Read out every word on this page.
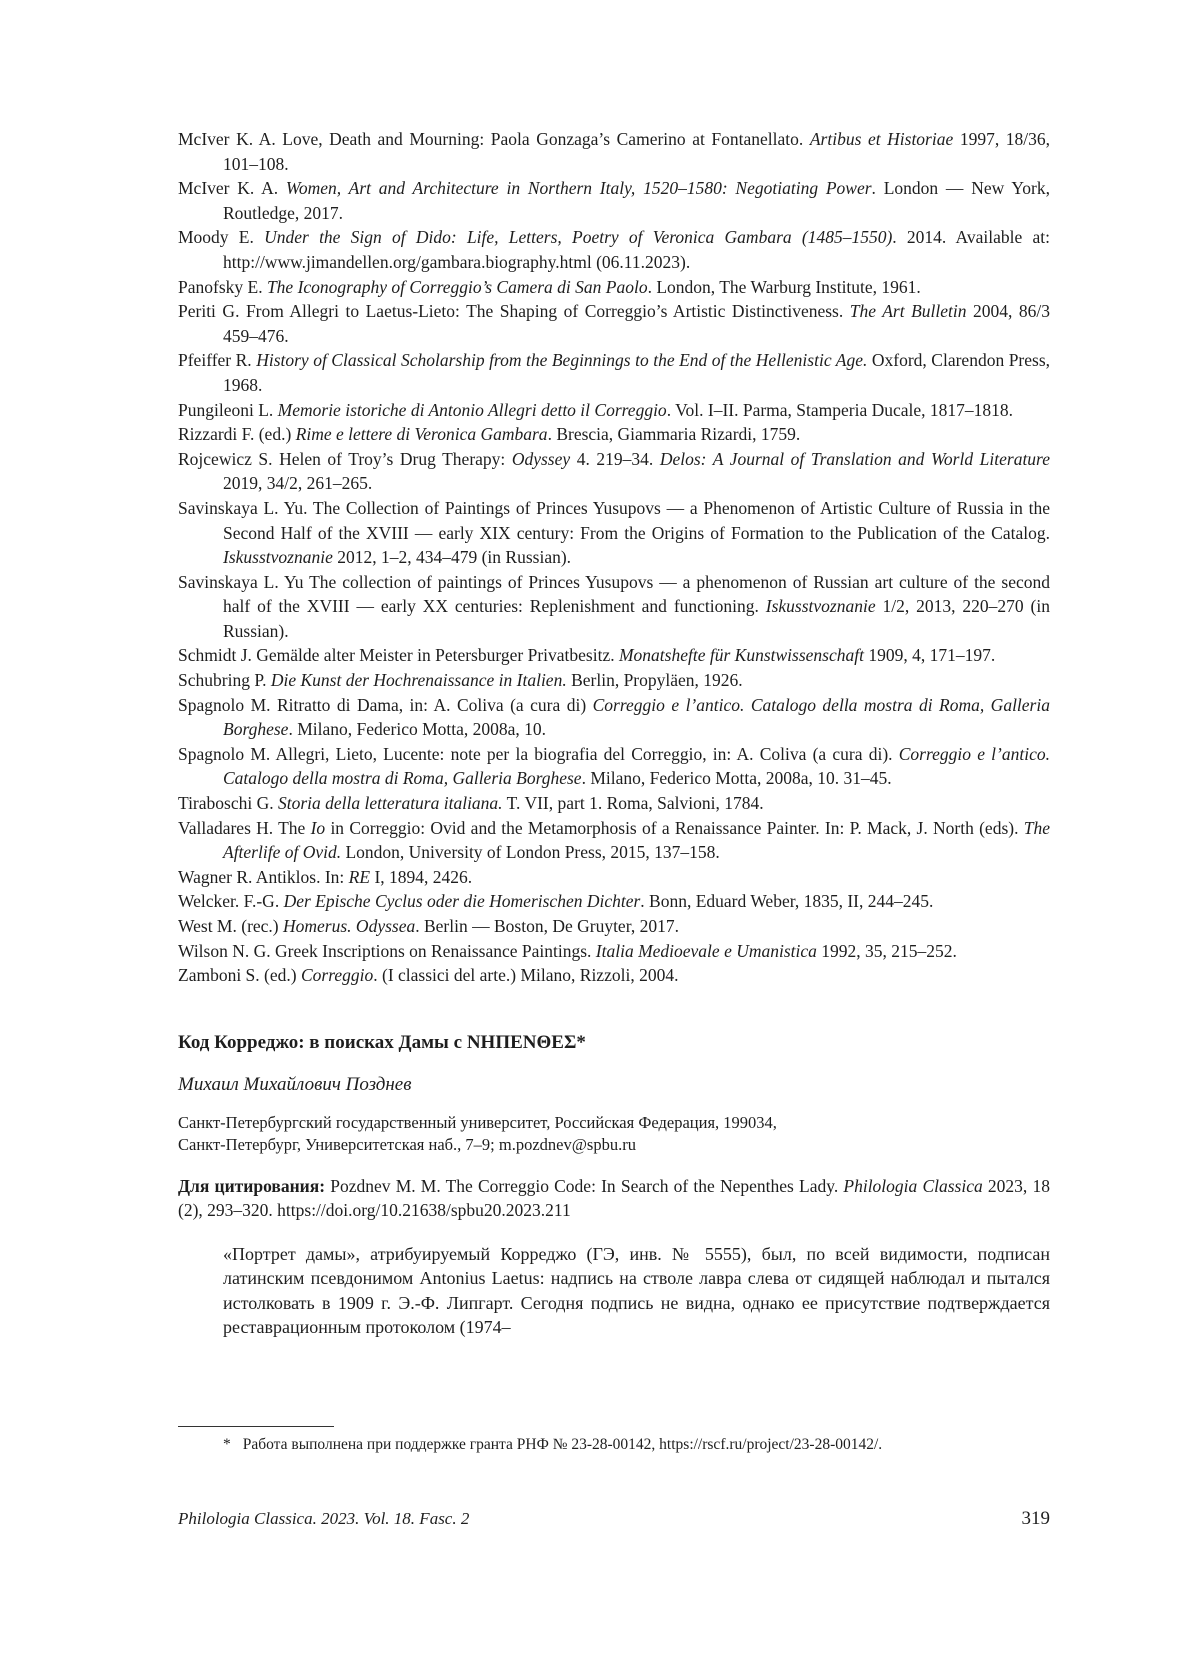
McIver K. A. Love, Death and Mourning: Paola Gonzaga’s Camerino at Fontanellato. Artibus et Historiae 1997, 18/36, 101–108.

McIver K. A. Women, Art and Architecture in Northern Italy, 1520–1580: Negotiating Power. London — New York, Routledge, 2017.

Moody E. Under the Sign of Dido: Life, Letters, Poetry of Veronica Gambara (1485–1550). 2014. Available at: http://www.jimandellen.org/gambara.biography.html (06.11.2023).

Panofsky E. The Iconography of Correggio’s Camera di San Paolo. London, The Warburg Institute, 1961.

Periti G. From Allegri to Laetus-Lieto: The Shaping of Correggio’s Artistic Distinctiveness. The Art Bulletin 2004, 86/3 459–476.

Pfeiffer R. History of Classical Scholarship from the Beginnings to the End of the Hellenistic Age. Oxford, Clarendon Press, 1968.

Pungileoni L. Memorie istoriche di Antonio Allegri detto il Correggio. Vol. I–II. Parma, Stamperia Ducale, 1817–1818.

Rizzardi F. (ed.) Rime e lettere di Veronica Gambara. Brescia, Giammaria Rizardi, 1759.

Rojcewicz S. Helen of Troy’s Drug Therapy: Odyssey 4. 219–34. Delos: A Journal of Translation and World Literature 2019, 34/2, 261–265.

Savinskaya L. Yu. The Collection of Paintings of Princes Yusupovs — a Phenomenon of Artistic Culture of Russia in the Second Half of the XVIII — early XIX century: From the Origins of Formation to the Publication of the Catalog. Iskusstvoznanie 2012, 1–2, 434–479 (in Russian).

Savinskaya L. Yu The collection of paintings of Princes Yusupovs — a phenomenon of Russian art culture of the second half of the XVIII — early XX centuries: Replenishment and functioning. Iskusstvoznanie 1/2, 2013, 220–270 (in Russian).

Schmidt J. Gemälde alter Meister in Petersburger Privatbesitz. Monatshefte für Kunstwissenschaft 1909, 4, 171–197.

Schubring P. Die Kunst der Hochrenaissance in Italien. Berlin, Propyläen, 1926.

Spagnolo M. Ritratto di Dama, in: A. Coliva (a cura di) Correggio e l’antico. Catalogo della mostra di Roma, Galleria Borghese. Milano, Federico Motta, 2008a, 10.

Spagnolo M. Allegri, Lieto, Lucente: note per la biografia del Correggio, in: A. Coliva (a cura di). Correggio e l’antico. Catalogo della mostra di Roma, Galleria Borghese. Milano, Federico Motta, 2008a, 10. 31–45.

Tiraboschi G. Storia della letteratura italiana. T. VII, part 1. Roma, Salvioni, 1784.

Valladares H. The Io in Correggio: Ovid and the Metamorphosis of a Renaissance Painter. In: P. Mack, J. North (eds). The Afterlife of Ovid. London, University of London Press, 2015, 137–158.

Wagner R. Antiklos. In: RE I, 1894, 2426.

Welcker. F.-G. Der Epische Cyclus oder die Homerischen Dichter. Bonn, Eduard Weber, 1835, II, 244–245.

West M. (rec.) Homerus. Odyssea. Berlin — Boston, De Gruyter, 2017.

Wilson N. G. Greek Inscriptions on Renaissance Paintings. Italia Medioevale e Umanistica 1992, 35, 215–252.

Zamboni S. (ed.) Correggio. (I classici del arte.) Milano, Rizzoli, 2004.

Код Корреджо: в поисках Дамы с ΝΗΠΕΝΘΕΣ*
Михаил Михайлович Позднев
Санкт-Петербургский государственный университет, Российская Федерация, 199034,
Санкт-Петербург, Университетская наб., 7–9; m.pozdnev@spbu.ru
Для цитирования: Pozdnev M. M. The Correggio Code: In Search of the Nepenthes Lady. Philologia Classica 2023, 18 (2), 293–320. https://doi.org/10.21638/spbu20.2023.211

«Портрет дамы», атрибуируемый Корреджо (ГЭ, инв. № 5555), был, по всей видимости, подписан латинским псевдонимом Antonius Laetus: надпись на стволе лавра слева от сидящей наблюдал и пытался истолковать в 1909 г. Э.-Ф. Липгарт. Сегодня подпись не видна, однако ее присутствие подтверждается реставрационным протоколом (1974–

* Работа выполнена при поддержке гранта РНФ № 23-28-00142, https://rscf.ru/project/23-28-00142/.
Philologia Classica. 2023. Vol. 18. Fasc. 2	319
